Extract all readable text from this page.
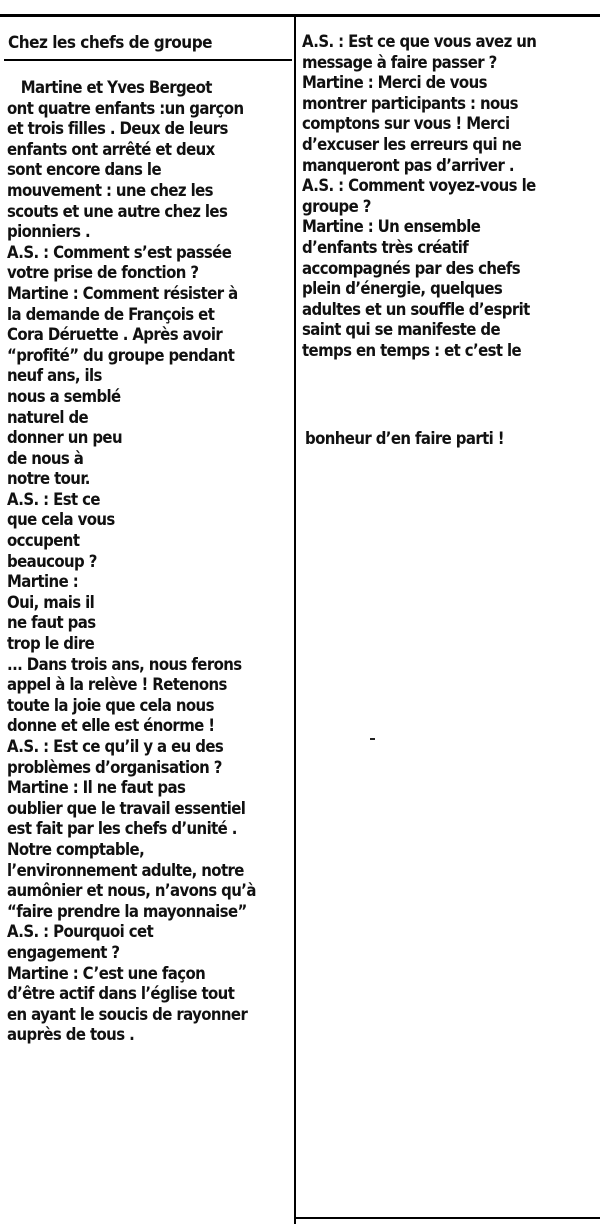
Chez les chefs de groupe
Martine et Yves Bergeot
ont quatre enfants :un garçon
et trois filles . Deux de leurs
enfants ont arrêté et deux
sont encore dans le
mouvement : une chez les
scouts et une autre chez les
pionniers .
A.S. : Comment s’est passée
votre prise de fonction ?
Martine : Comment résister à
la demande de François et
Cora Déruette . Après avoir
“profité” du groupe pendant
neuf ans, ils
nous a semblé
naturel de
donner un peu
de nous à
notre tour.
A.S. : Est ce
que cela vous
occupent
beaucoup ?
Martine :
Oui, mais il
ne faut pas
trop le dire
... Dans trois ans, nous ferons
appel à la relève ! Retenons
toute la joie que cela nous
donne et elle est énorme !
A.S. : Est ce qu’il y a eu des
problèmes d’organisation ?
Martine : Il ne faut pas
oublier que le travail essentiel
est fait par les chefs d’unité .
Notre comptable,
l’environnement adulte, notre
aumônier et nous, n’avons qu’à
“faire prendre la mayonnaise”
A.S. : Pourquoi cet
engagement ?
Martine : C’est une façon
d’être actif dans l’église tout
en ayant le soucis de rayonner
auprès de tous .
A.S. : Est ce que vous avez un
message à faire passer ?
Martine : Merci de vous
montrer participants : nous
comptons sur vous ! Merci
d’excuser les erreurs qui ne
manqueront pas d’arriver .
A.S. : Comment voyez-vous le
groupe ?
Martine : Un ensemble
d’enfants très créatif
accompagnés par des chefs
plein d’énergie, quelques
adultes et un souffle d’esprit
saint qui se manifeste de
temps en temps : et c’est le
bonheur d’en faire parti !
